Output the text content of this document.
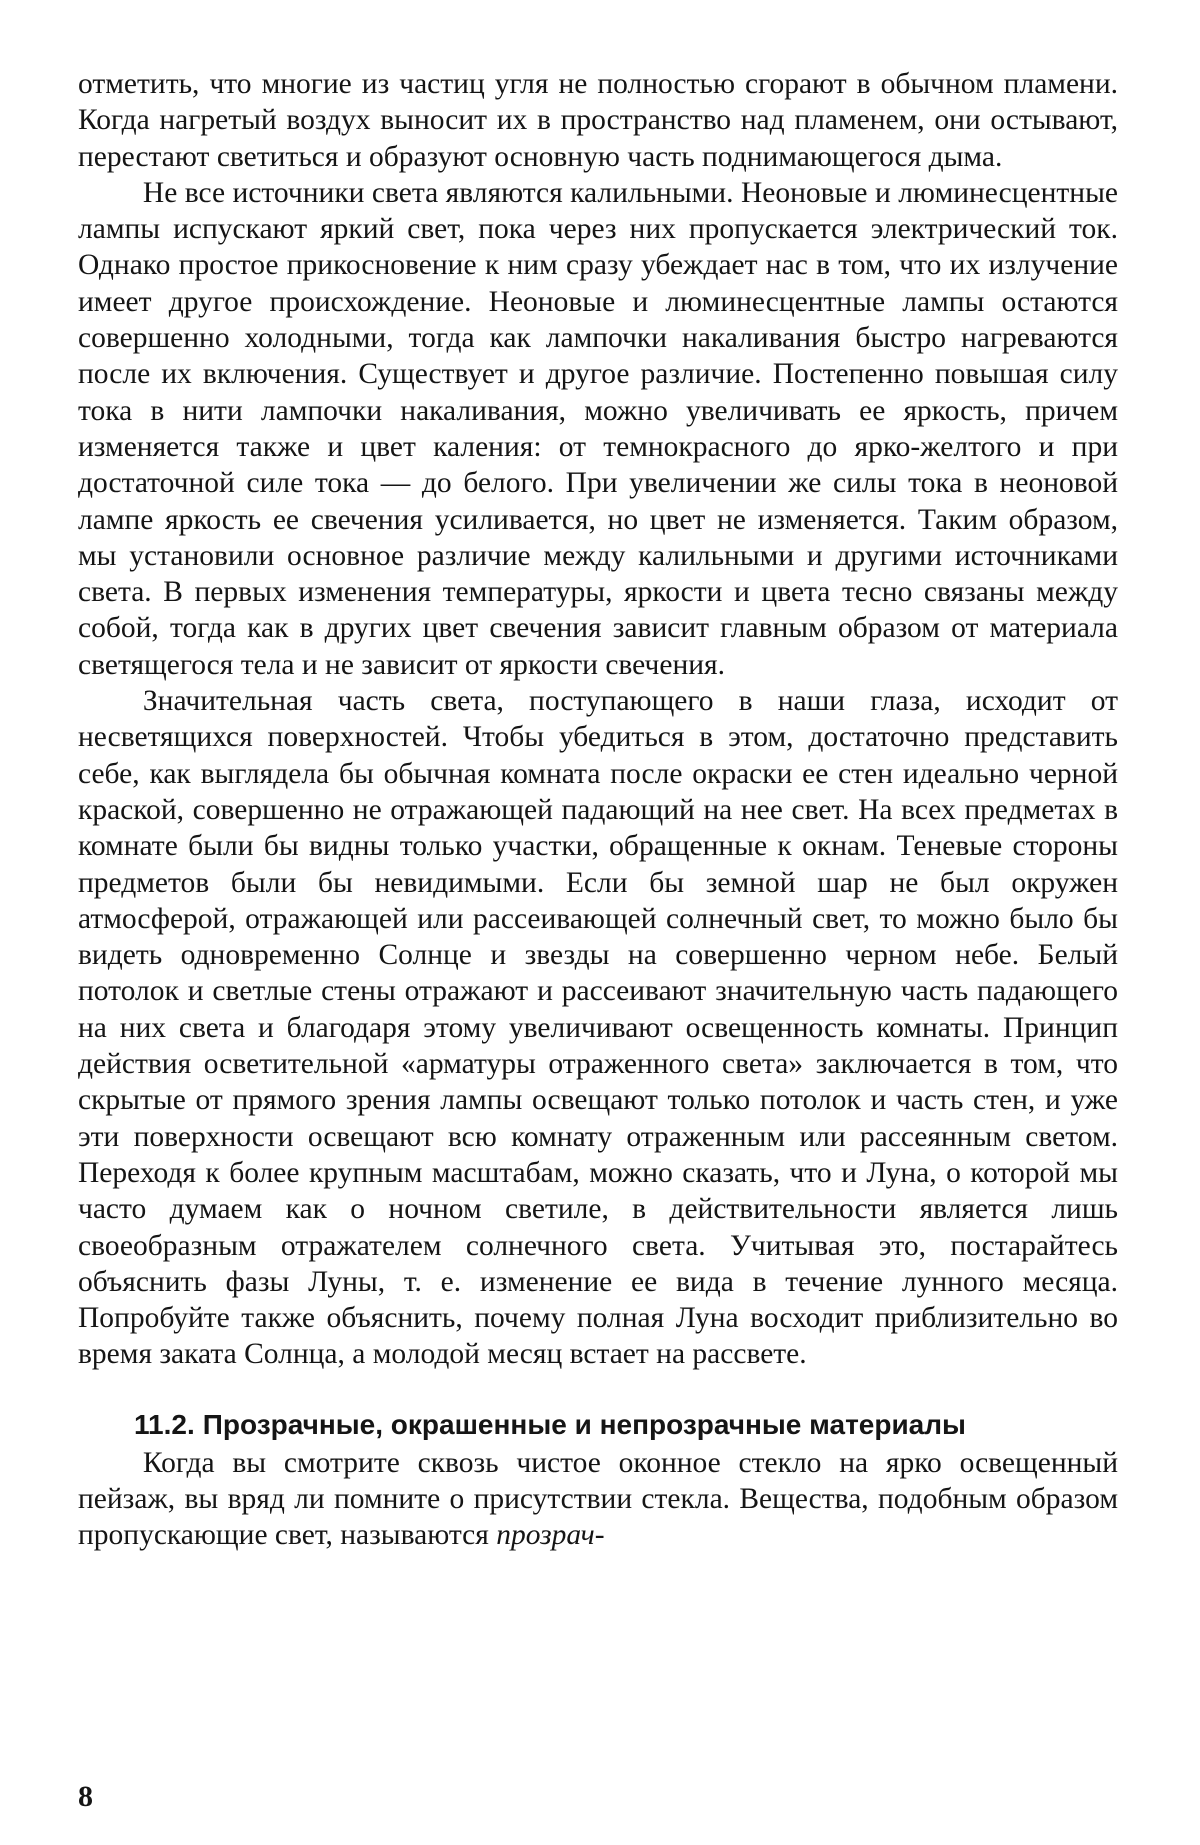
отметить, что многие из частиц угля не полностью сгорают в обычном пламени. Когда нагретый воздух выносит их в пространство над пламенем, они остывают, перестают светиться и образуют основную часть поднимающегося дыма.

Не все источники света являются калильными. Неоновые и люминесцентные лампы испускают яркий свет, пока через них пропускается электрический ток. Однако простое прикосновение к ним сразу убеждает нас в том, что их излучение имеет другое происхождение. Неоновые и люминесцентные лампы остаются совершенно холодными, тогда как лампочки накаливания быстро нагреваются после их включения. Существует и другое различие. Постепенно повышая силу тока в нити лампочки накаливания, можно увеличивать ее яркость, причем изменяется также и цвет каления: от темнокрасного до ярко-желтого и при достаточной силе тока — до белого. При увеличении же силы тока в неоновой лампе яркость ее свечения усиливается, но цвет не изменяется. Таким образом, мы установили основное различие между калильными и другими источниками света. В первых изменения температуры, яркости и цвета тесно связаны между собой, тогда как в других цвет свечения зависит главным образом от материала светящегося тела и не зависит от яркости свечения.

Значительная часть света, поступающего в наши глаза, исходит от несветящихся поверхностей. Чтобы убедиться в этом, достаточно представить себе, как выглядела бы обычная комната после окраски ее стен идеально черной краской, совершенно не отражающей падающий на нее свет. На всех предметах в комнате были бы видны только участки, обращенные к окнам. Теневые стороны предметов были бы невидимыми. Если бы земной шар не был окружен атмосферой, отражающей или рассеивающей солнечный свет, то можно было бы видеть одновременно Солнце и звезды на совершенно черном небе. Белый потолок и светлые стены отражают и рассеивают значительную часть падающего на них света и благодаря этому увеличивают освещенность комнаты. Принцип действия осветительной «арматуры отраженного света» заключается в том, что скрытые от прямого зрения лампы освещают только потолок и часть стен, и уже эти поверхности освещают всю комнату отраженным или рассеянным светом. Переходя к более крупным масштабам, можно сказать, что и Луна, о которой мы часто думаем как о ночном светиле, в действительности является лишь своеобразным отражателем солнечного света. Учитывая это, постарайтесь объяснить фазы Луны, т. е. изменение ее вида в течение лунного месяца. Попробуйте также объяснить, почему полная Луна восходит приблизительно во время заката Солнца, а молодой месяц встает на рассвете.

11.2. Прозрачные, окрашенные и непрозрачные материалы

Когда вы смотрите сквозь чистое оконное стекло на ярко освещенный пейзаж, вы вряд ли помните о присутствии стекла. Вещества, подобным образом пропускающие свет, называются прозрач-

8
